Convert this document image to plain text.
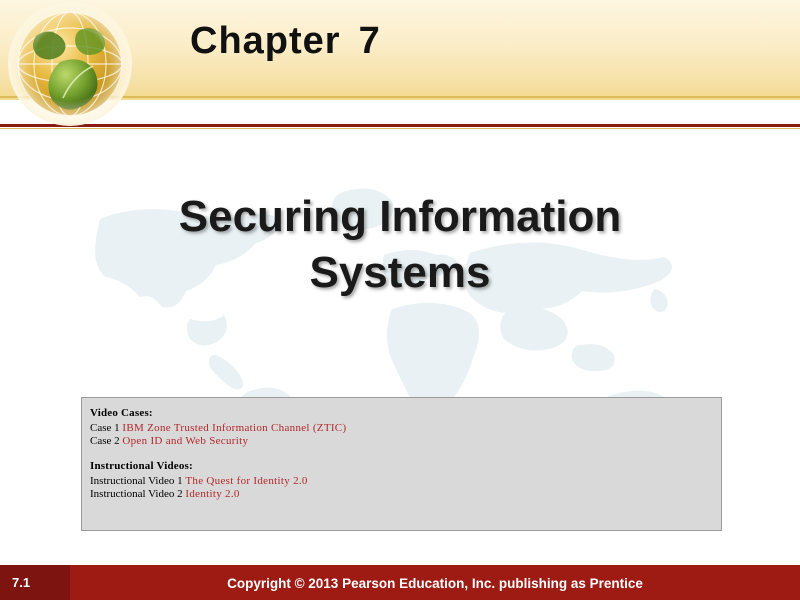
Chapter 7
Securing Information
Systems
Video Cases:
Case 1 IBM Zone Trusted Information Channel (ZTIC)
Case 2 Open ID and Web Security
Instructional Videos:
Instructional Video 1 The Quest for Identity 2.0
Instructional Video 2 Identity 2.0
7.1	Copyright © 2013 Pearson Education, Inc. publishing as Prentice
